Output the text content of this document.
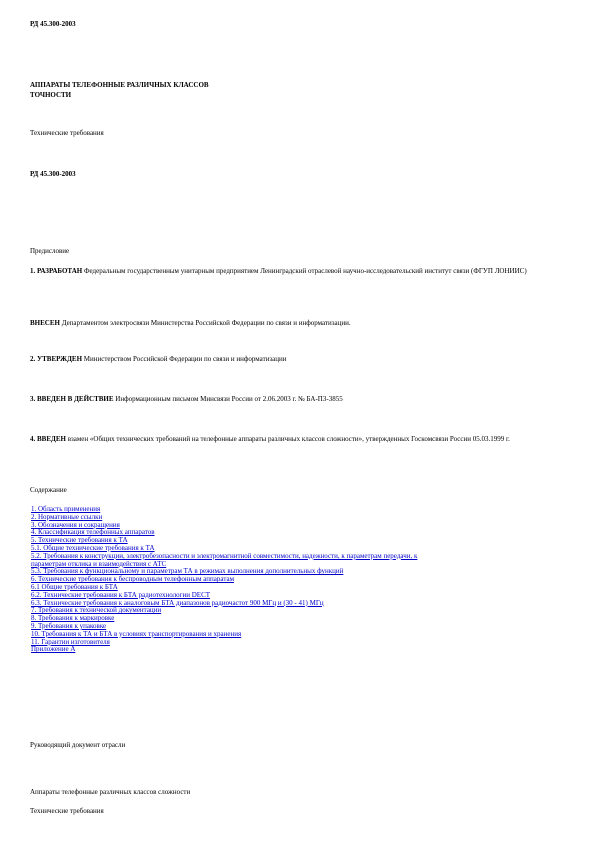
РД 45.300-2003
АППАРАТЫ ТЕЛЕФОННЫЕ РАЗЛИЧНЫХ КЛАССОВ
ТОЧНОСТИ
Технические требования
РД 45.300-2003
Предисловие
1. РАЗРАБОТАН Федеральным государственным унитарным предприятием Ленинградский отраслевой научно-исследовательский институт связи (ФГУП ЛОНИИС)
ВНЕСЕН Департаментом электросвязи Министерства Российской Федерации по связи и информатизации.
2. УТВЕРЖДЕН Министерством Российской Федерации по связи и информатизации
3. ВВЕДЕН В ДЕЙСТВИЕ Информационным письмом Минсвязи России от 2.06.2003 г. № БА-П3-3855
4. ВВЕДЕН взамен «Общих технических требований на телефонные аппараты различных классов сложности», утвержденных Госкомсвязи России 05.03.1999 г.
Содержание
1. Область применения
2. Нормативные ссылки
3. Обозначения и сокращения
4. Классификация телефонных аппаратов
5. Технические требования к ТА
5.1. Общие технические требования к ТА
5.2. Требования к конструкции, электробезопасности и электромагнитной совместимости, надежности, к параметрам передачи, к
параметрам отклика и взаимодействия с АТС
5.3. Требования к функциональному и параметрам ТА в режимах выполнения дополнительных функций
6. Технические требования к беспроводным телефонным аппаратам
6.1 Общие требования к БТА
6.2. Технические требования к БТА радиотехнологии DECT
6.3. Технические требования к аналоговым БТА диапазонов радиочастот 900 МГц и (30 - 41) МГц
7. Требования к технической документации
8. Требования к маркировке
9. Требования к упаковке
10. Требования к ТА и БТА в условиях транспортирования и хранения
11. Гарантии изготовителя
Приложение А
Руководящий документ отрасли
Аппараты телефонные различных классов сложности
Технические требования
